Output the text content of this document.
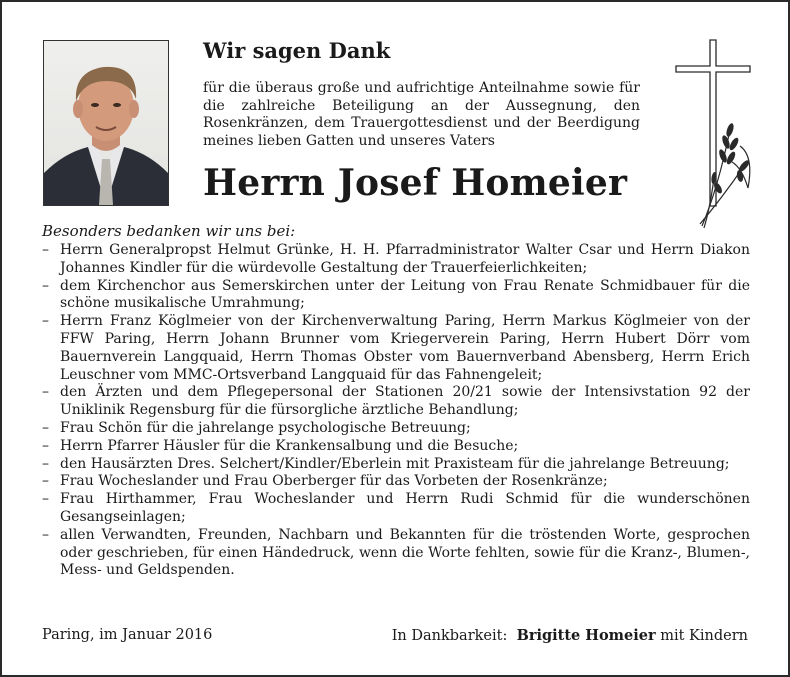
Wir sagen Dank

für die überaus große und aufrichtige Anteilnahme sowie für die zahlreiche Beteiligung an der Aussegnung, den Rosenkränzen, dem Trauergottesdienst und der Beerdigung meines lieben Gatten und unseres Vaters

Herrn Josef Homeier

Besonders bedanken wir uns bei:

– Herrn Generalpropst Helmut Grünke, H. H. Pfarradministrator Walter Csar und Herrn Diakon Johannes Kindler für die würdevolle Gestaltung der Trauerfeierlichkeiten;
– dem Kirchenchor aus Semerskirchen unter der Leitung von Frau Renate Schmidbauer für die schöne musikalische Umrahmung;
– Herrn Franz Köglmeier von der Kirchenverwaltung Paring, Herrn Markus Köglmeier von der FFW Paring, Herrn Johann Brunner vom Kriegerverein Paring, Herrn Hubert Dörr vom Bauernverein Langquaid, Herrn Thomas Obster vom Bauernverband Abensberg, Herrn Erich Leuschner vom MMC-Ortsverband Langquaid für das Fahnengeleit;
– den Ärzten und dem Pflegepersonal der Stationen 20/21 sowie der Intensivstation 92 der Uniklinik Regensburg für die fürsorgliche ärztliche Behandlung;
– Frau Schön für die jahrelange psychologische Betreuung;
– Herrn Pfarrer Häusler für die Krankensalbung und die Besuche;
– den Hausärzten Dres. Selchert/Kindler/Eberlein mit Praxisteam für die jahrelange Betreuung;
– Frau Wocheslander und Frau Oberberger für das Vorbeten der Rosenkränze;
– Frau Hirthammer, Frau Wocheslander und Herrn Rudi Schmid für die wunderschönen Gesangseinlagen;
– allen Verwandten, Freunden, Nachbarn und Bekannten für die tröstenden Worte, gesprochen oder geschrieben, für einen Händedruck, wenn die Worte fehlten, sowie für die Kranz-, Blumen-, Mess- und Geldspenden.

Paring, im Januar 2016	In Dankbarkeit: Brigitte Homeier mit Kindern
